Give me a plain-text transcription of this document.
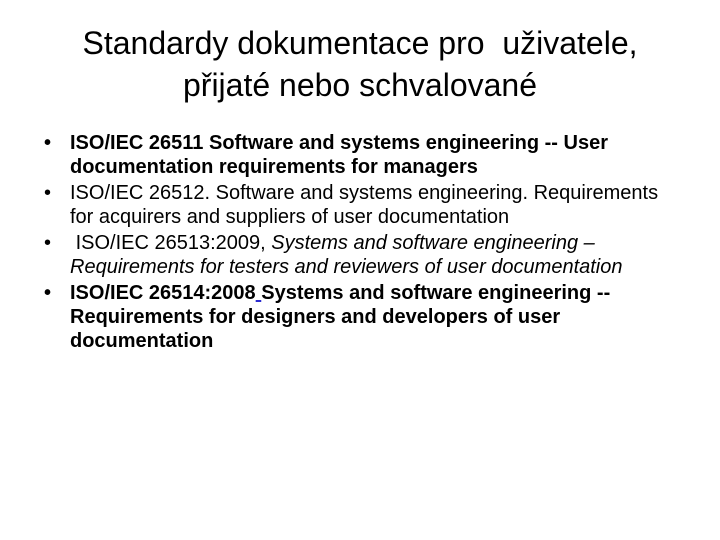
Standardy dokumentace pro  uživatele,
přijaté nebo schvalované
• ISO/IEC 26511 Software and systems engineering -- User documentation requirements for managers
• ISO/IEC 26512. Software and systems engineering. Requirements for acquirers and suppliers of user documentation
• ISO/IEC 26513:2009, Systems and software engineering – Requirements for testers and reviewers of user documentation
• ISO/IEC 26514:2008 Systems and software engineering -- Requirements for designers and developers of user documentation
